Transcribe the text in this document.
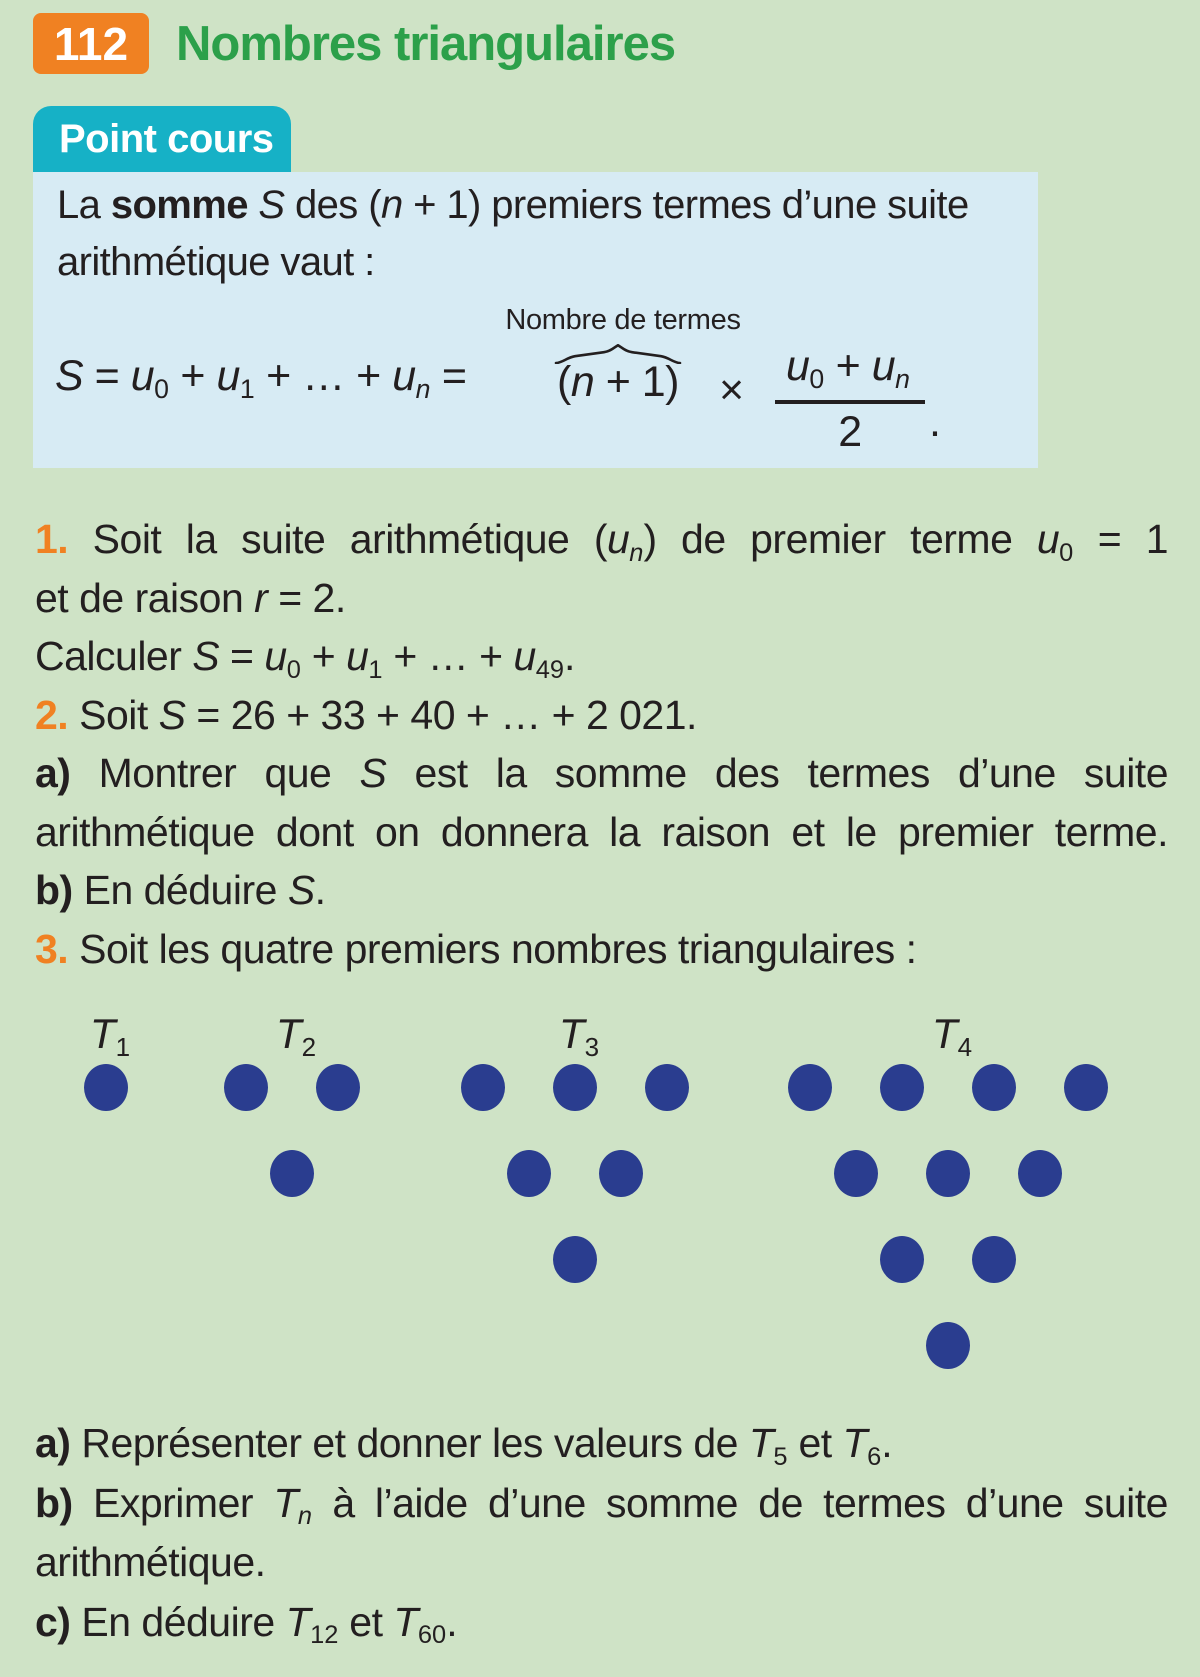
112 Nombres triangulaires
Point cours
La somme S des (n + 1) premiers termes d’une suite
arithmétique vaut :
Nombre de termes
S = u0 + u1 + … + un = (n + 1) × u0 + un
2	.
1. Soit la suite arithmétique (un) de premier terme u0 = 1
et de raison r = 2.
Calculer S = u0 + u1 + … + u49.
2. Soit S = 26 + 33 + 40 + … + 2 021.
a) Montrer que S est la somme des termes d’une suite
arithmétique dont on donnera la raison et le premier terme.
b) En déduire S.
3. Soit les quatre premiers nombres triangulaires :
T1	T2	T3	T4
a) Représenter et donner les valeurs de T5 et T6.
b) Exprimer Tn à l’aide d’une somme de termes d’une suite
arithmétique.
c) En déduire T12 et T60.
